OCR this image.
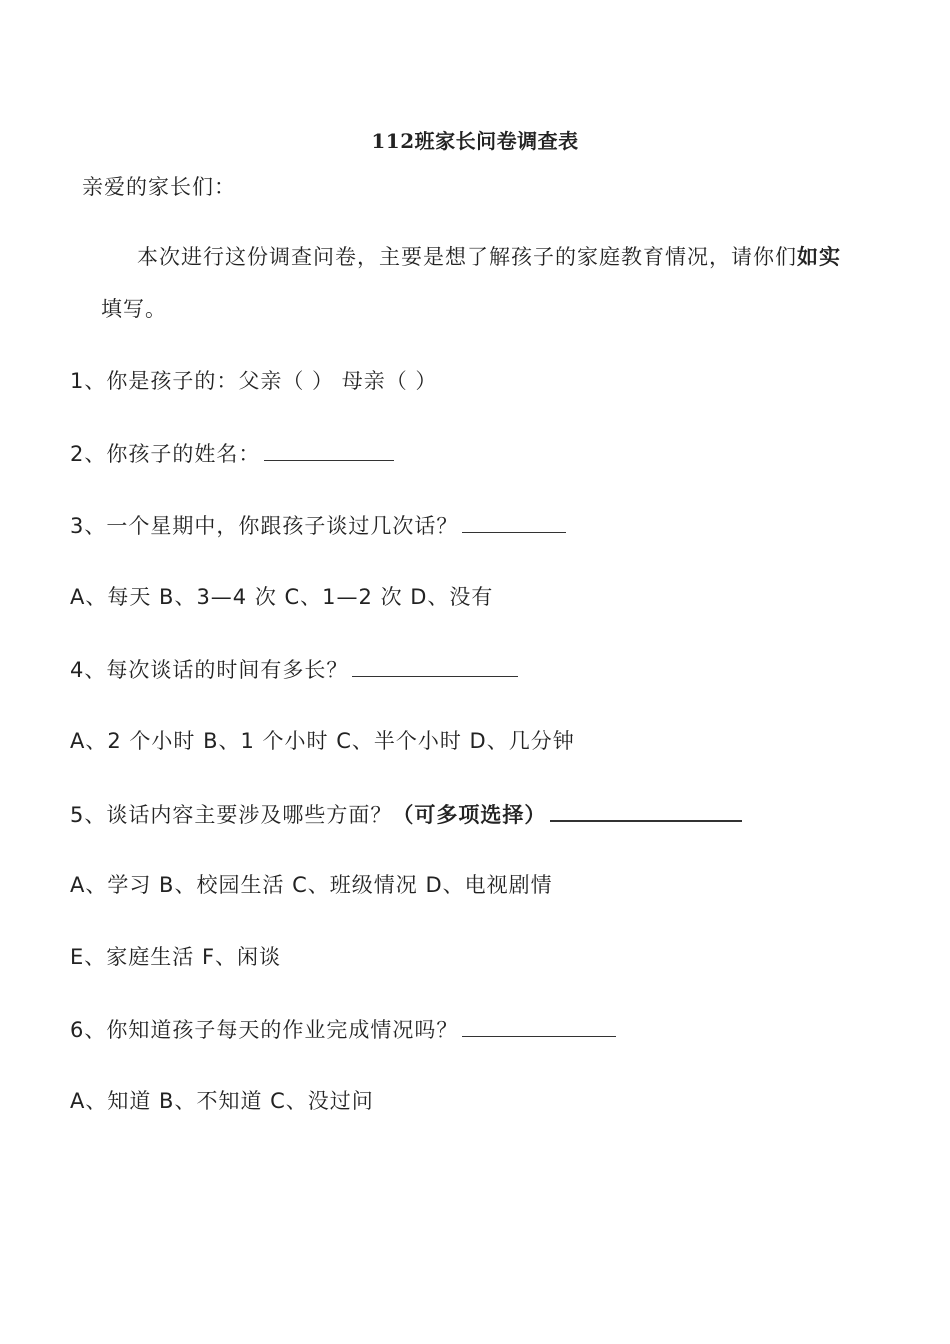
112班家长问卷调查表
亲爱的家长们：
本次进行这份调查问卷，主要是想了解孩子的家庭教育情况，请你们如实
填写。
1、你是孩子的：父亲（ ） 母亲（ ）
2、你孩子的姓名：
3、一个星期中，你跟孩子谈过几次话？
A、每天 B、3—4 次 C、1—2 次 D、没有
4、每次谈话的时间有多长？
A、2 个小时 B、1 个小时 C、半个小时 D、几分钟
5、谈话内容主要涉及哪些方面？（可多项选择）
A、学习 B、校园生活 C、班级情况 D、电视剧情
E、家庭生活 F、闲谈
6、你知道孩子每天的作业完成情况吗？
A、知道 B、不知道 C、没过问
